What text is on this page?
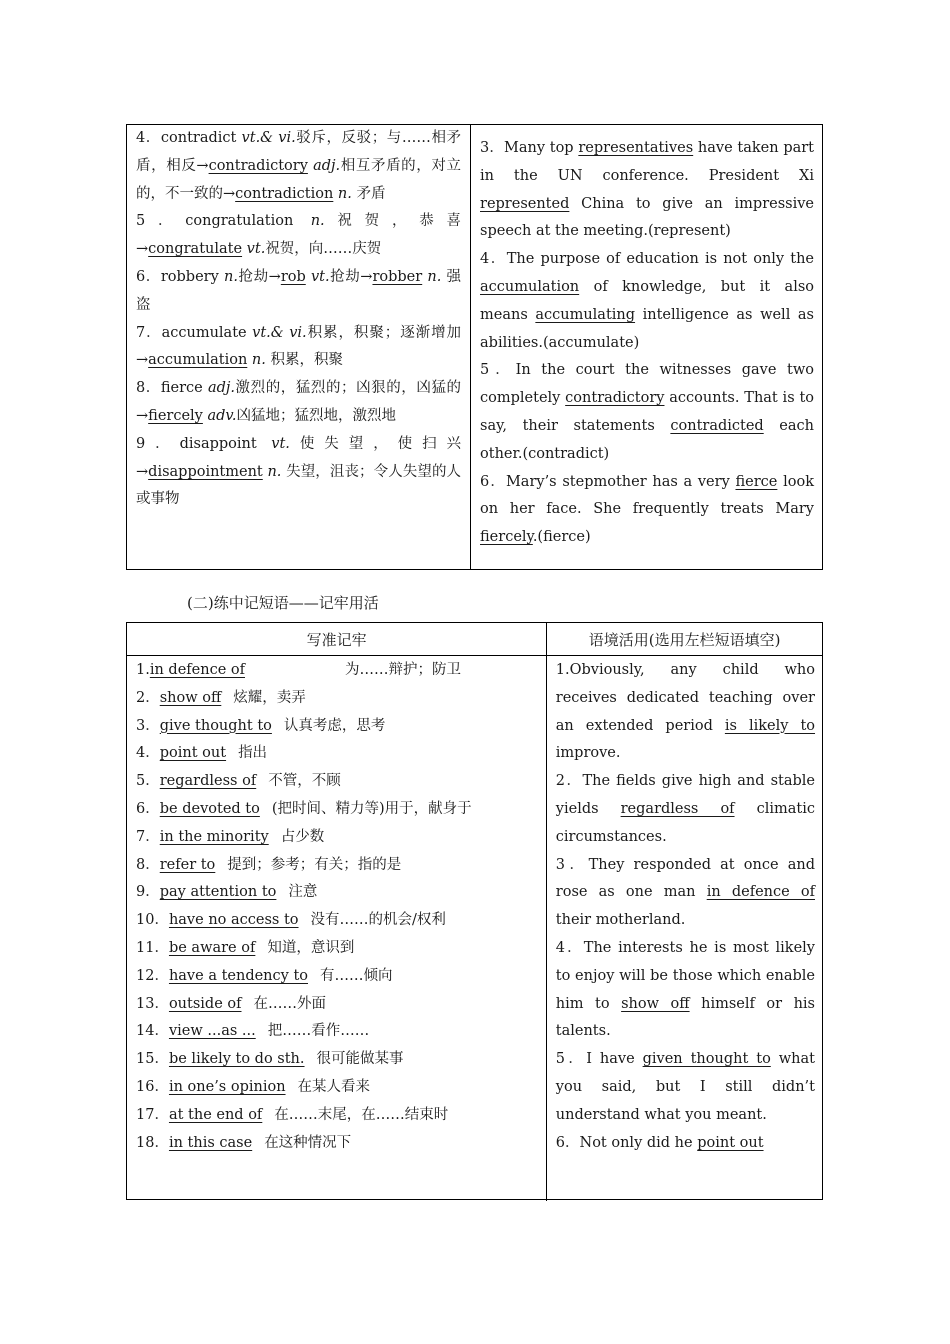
4．contradict vt.& vi.驳斥，反驳；与……相矛盾，相反→contradictory adj.相互矛盾的，对立的，不一致的→contradiction n. 矛盾
5．congratulation n.祝贺，恭喜→congratulate vt.祝贺，向……庆贺
6．robbery n.抢劫→rob vt.抢劫→robber n. 强盗
7．accumulate vt.& vi.积累，积聚；逐渐增加→accumulation n. 积累，积聚
8．fierce adj.激烈的，猛烈的；凶狠的，凶猛的→fiercely adv.凶猛地；猛烈地，激烈地
9．disappoint vt.使失望，使扫兴→disappointment n. 失望，沮丧；令人失望的人或事物
3．Many top representatives have taken part in the UN conference. President Xi represented China to give an impressive speech at the meeting.(represent)
4．The purpose of education is not only the accumulation of knowledge, but it also means accumulating intelligence as well as abilities.(accumulate)
5．In the court the witnesses gave two completely contradictory accounts. That is to say, their statements contradicted each other.(contradict)
6．Mary’s stepmother has a very fierce look on her face. She frequently treats Mary fiercely.(fierce)
(二)练中记短语——记牢用活
写准记牢	语境活用(选用左栏短语填空)
1.in defence of	为……辩护；防卫
2．show off 炫耀，卖弄
3．give thought to 认真考虑，思考
4．point out 指出
5．regardless of 不管，不顾
6．be devoted to (把时间、精力等)用于，献身于
7．in the minority 占少数
8．refer to 提到；参考；有关；指的是
9．pay attention to 注意
10．have no access to 没有……的机会/权利
11．be aware of 知道，意识到
12．have a tendency to 有……倾向
13．outside of 在……外面
14．view ...as ... 把……看作……
15．be likely to do sth. 很可能做某事
16．in one’s opinion 在某人看来
17．at the end of 在……末尾，在……结束时
18．in this case 在这种情况下
1.Obviously, any child who receives dedicated teaching over an extended period is likely to improve.
2．The fields give high and stable yields regardless of climatic circumstances.
3．They responded at once and rose as one man in defence of their motherland.
4．The interests he is most likely to enjoy will be those which enable him to show off himself or his talents.
5．I have given thought to what you said, but I still didn’t understand what you meant.
6．Not only did he point out
